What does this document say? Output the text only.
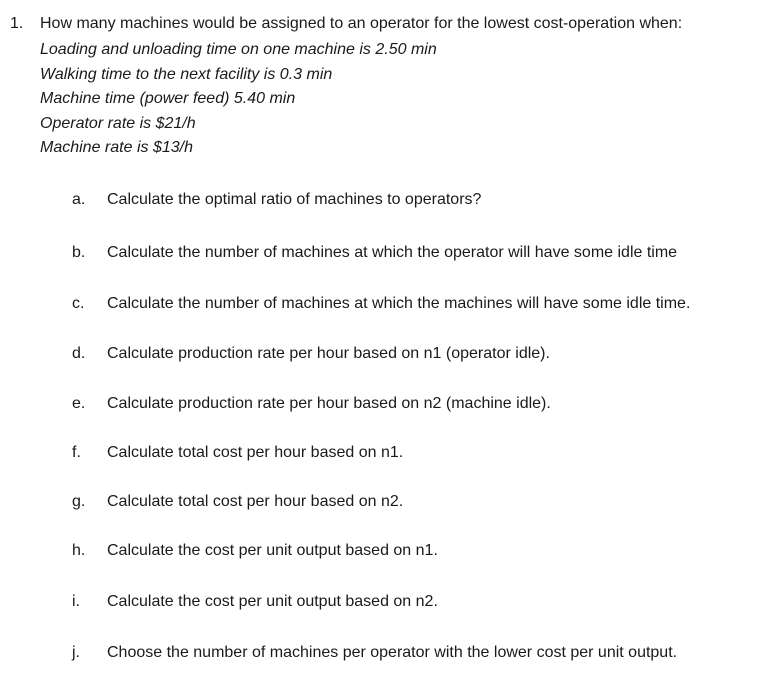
1. How many machines would be assigned to an operator for the lowest cost-operation when:
Loading and unloading time on one machine is 2.50 min
Walking time to the next facility is 0.3 min
Machine time (power feed) 5.40 min
Operator rate is $21/h
Machine rate is $13/h
a.	Calculate the optimal ratio of machines to operators?
b.	Calculate the number of machines at which the operator will have some idle time
c.	Calculate the number of machines at which the machines will have some idle time.
d.	Calculate production rate per hour based on n1 (operator idle).
e.	Calculate production rate per hour based on n2 (machine idle).
f.	Calculate total cost per hour based on n1.
g.	Calculate total cost per hour based on n2.
h.	Calculate the cost per unit output based on n1.
i.	Calculate the cost per unit output based on n2.
j.	Choose the number of machines per operator with the lower cost per unit output.
